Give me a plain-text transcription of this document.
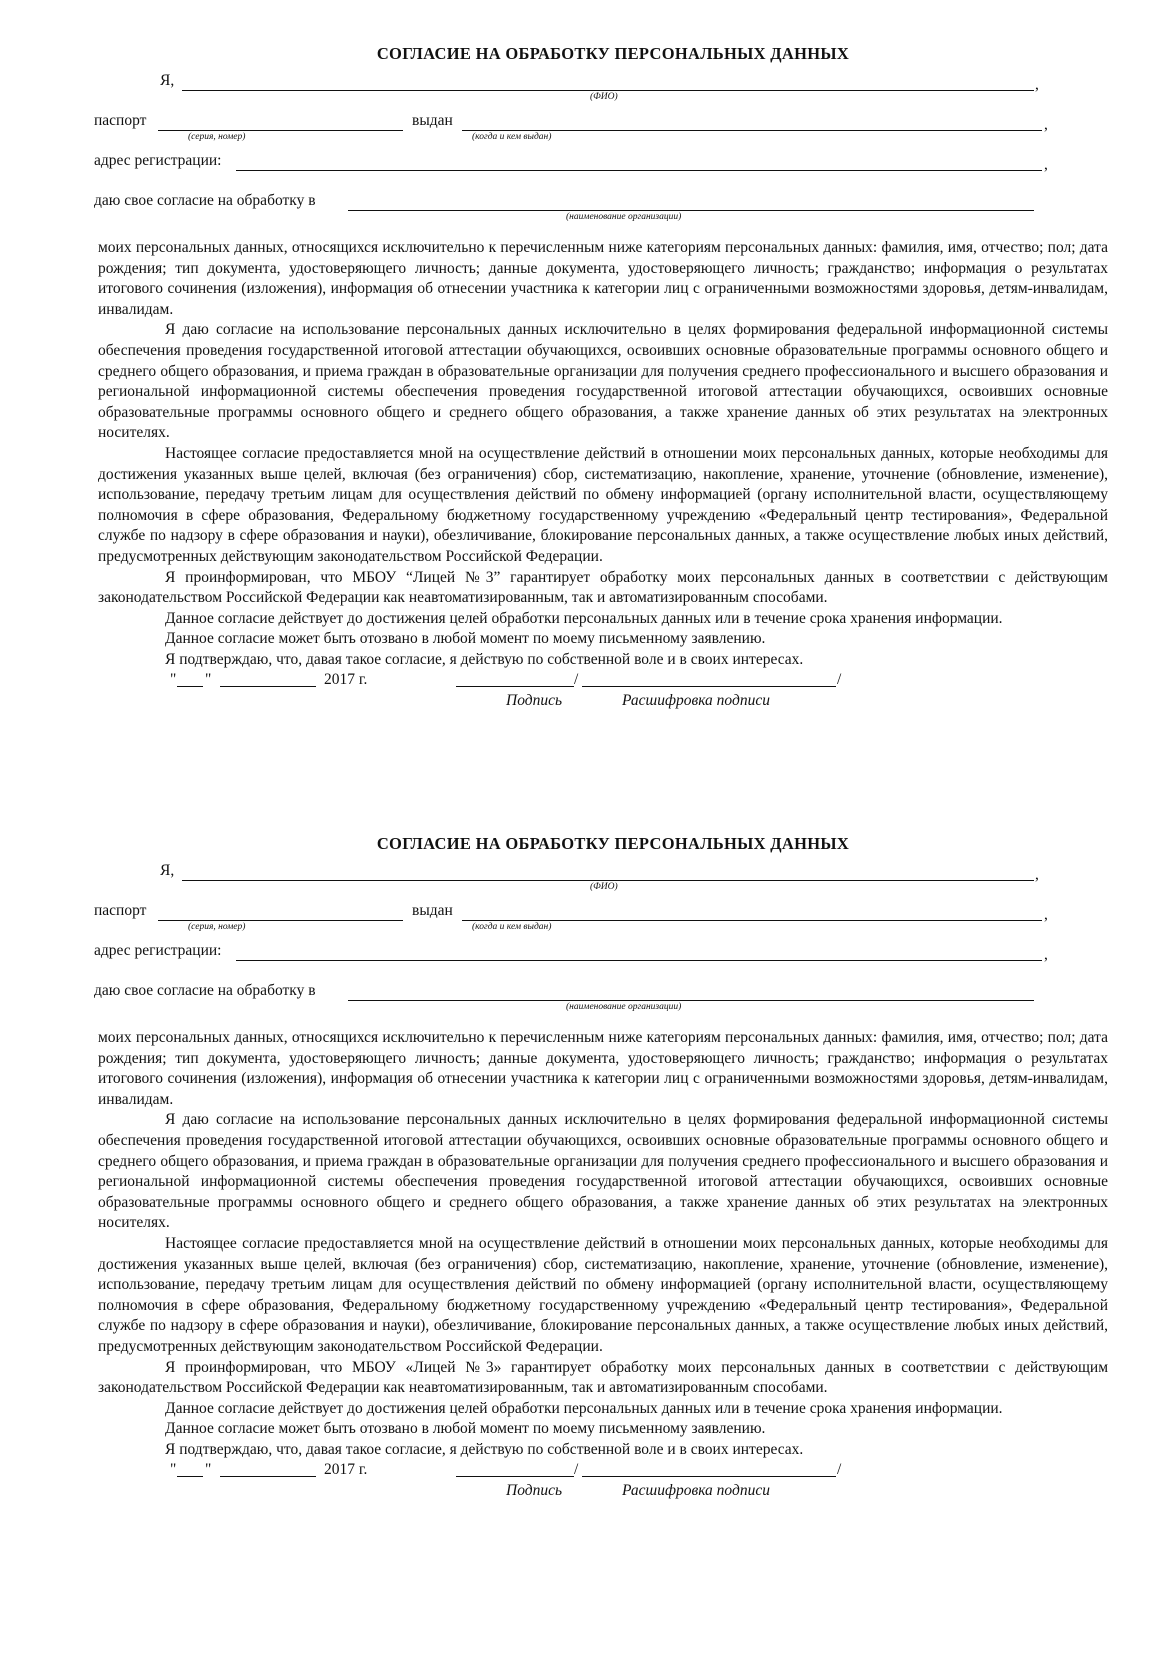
СОГЛАСИЕ НА ОБРАБОТКУ ПЕРСОНАЛЬНЫХ ДАННЫХ
Я,	,
(ФИО)
паспорт
(серия, номер)
выдан	,
(когда и кем выдан)
адрес регистрации:	,
даю свое согласие на обработку в
(наименование организации)

моих персональных данных, относящихся исключительно к перечисленным ниже категориям персональных данных: фамилия, имя, отчество; пол; дата рождения; тип документа, удостоверяющего личность; данные документа, удостоверяющего личность; гражданство; информация о результатах итогового сочинения (изложения), информация об отнесении участника к категории лиц с ограниченными возможностями здоровья, детям-инвалидам, инвалидам.

Я даю согласие на использование персональных данных исключительно в целях формирования федеральной информационной системы обеспечения проведения государственной итоговой аттестации обучающихся, освоивших основные образовательные программы основного общего и среднего общего образования, и приема граждан в образовательные организации для получения среднего профессионального и высшего образования и региональной информационной системы обеспечения проведения государственной итоговой аттестации обучающихся, освоивших основные образовательные программы основного общего и среднего общего образования, а также хранение данных об этих результатах на электронных носителях.

Настоящее согласие предоставляется мной на осуществление действий в отношении моих персональных данных, которые необходимы для достижения указанных выше целей, включая (без ограничения) сбор, систематизацию, накопление, хранение, уточнение (обновление, изменение), использование, передачу третьим лицам для осуществления действий по обмену информацией (органу исполнительной власти, осуществляющему полномочия в сфере образования, Федеральному бюджетному государственному учреждению «Федеральный центр тестирования», Федеральной службе по надзору в сфере образования и науки), обезличивание, блокирование персональных данных, а также осуществление любых иных действий, предусмотренных действующим законодательством Российской Федерации.

Я проинформирован, что МБОУ “Лицей №3” гарантирует обработку моих персональных данных в соответствии с действующим законодательством Российской Федерации как неавтоматизированным, так и автоматизированным способами.

Данное согласие действует до достижения целей обработки персональных данных или в течение срока хранения информации.

Данное согласие может быть отозвано в любой момент по моему письменному заявлению.

Я подтверждаю, что, давая такое согласие, я действую по собственной воле и в своих интересах.

" "	2017 г.	/	/
Подпись	Расшифровка подписи
СОГЛАСИЕ НА ОБРАБОТКУ ПЕРСОНАЛЬНЫХ ДАННЫХ
Я,	,
(ФИО)
паспорт
(серия, номер)
выдан	,
(когда и кем выдан)
адрес регистрации:	,
даю свое согласие на обработку в
(наименование организации)

моих персональных данных, относящихся исключительно к перечисленным ниже категориям персональных данных: фамилия, имя, отчество; пол; дата рождения; тип документа, удостоверяющего личность; данные документа, удостоверяющего личность; гражданство; информация о результатах итогового сочинения (изложения), информация об отнесении участника к категории лиц с ограниченными возможностями здоровья, детям-инвалидам, инвалидам.

Я даю согласие на использование персональных данных исключительно в целях формирования федеральной информационной системы обеспечения проведения государственной итоговой аттестации обучающихся, освоивших основные образовательные программы основного общего и среднего общего образования, и приема граждан в образовательные организации для получения среднего профессионального и высшего образования и региональной информационной системы обеспечения проведения государственной итоговой аттестации обучающихся, освоивших основные образовательные программы основного общего и среднего общего образования, а также хранение данных об этих результатах на электронных носителях.

Настоящее согласие предоставляется мной на осуществление действий в отношении моих персональных данных, которые необходимы для достижения указанных выше целей, включая (без ограничения) сбор, систематизацию, накопление, хранение, уточнение (обновление, изменение), использование, передачу третьим лицам для осуществления действий по обмену информацией (органу исполнительной власти, осуществляющему полномочия в сфере образования, Федеральному бюджетному государственному учреждению «Федеральный центр тестирования», Федеральной службе по надзору в сфере образования и науки), обезличивание, блокирование персональных данных, а также осуществление любых иных действий, предусмотренных действующим законодательством Российской Федерации.

Я проинформирован, что МБОУ «Лицей №3» гарантирует обработку моих персональных данных в соответствии с действующим законодательством Российской Федерации как неавтоматизированным, так и автоматизированным способами.

Данное согласие действует до достижения целей обработки персональных данных или в течение срока хранения информации.

Данное согласие может быть отозвано в любой момент по моему письменному заявлению.

Я подтверждаю, что, давая такое согласие, я действую по собственной воле и в своих интересах.

" "	2017 г.	/	/
Подпись	Расшифровка подписи
